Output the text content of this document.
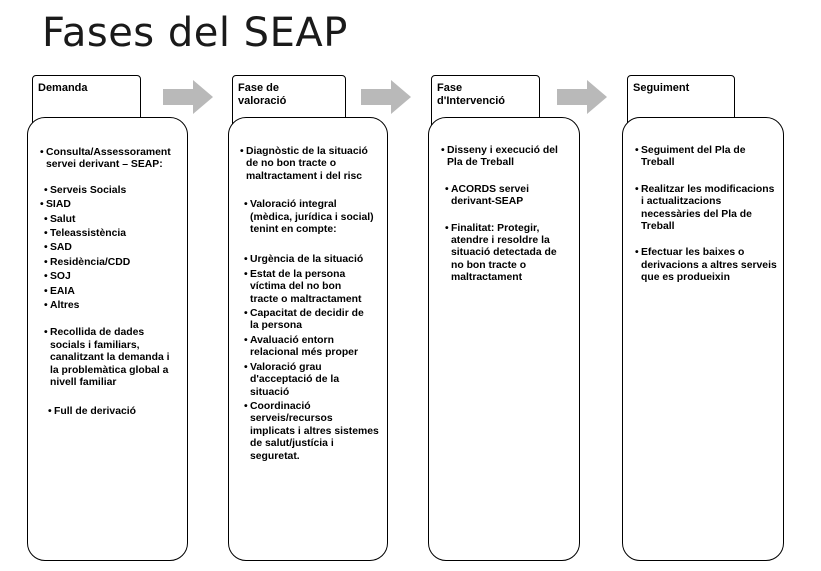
Fases del SEAP
Demanda
• Consulta/Assessorament
servei derivant – SEAP:
• Serveis Socials
• SIAD
• Salut
• Teleassistència
• SAD
• Residència/CDD
• SOJ
• EAIA
• Altres
• Recollida de dades
socials i familiars,
canalitzant la demanda i
la problemàtica global a
nivell familiar
• Full de derivació
Fase de
valoració
• Diagnòstic de la situació
de no bon tracte o
maltractament i del risc
• Valoració integral
(mèdica, jurídica i social)
tenint en compte:
• Urgència de la situació
• Estat de la persona
víctima del no bon
tracte o maltractament
• Capacitat de decidir de
la persona
• Avaluació entorn
relacional més proper
• Valoració grau
d'acceptació de la
situació
• Coordinació
serveis/recursos
implicats i altres sistemes
de salut/justícia i
seguretat.
Fase
d'Intervenció
• Disseny i execució del
Pla de Treball
• ACORDS servei
derivant-SEAP
• Finalitat: Protegir,
atendre i resoldre la
situació detectada de
no bon tracte o
maltractament
Seguiment
• Seguiment del Pla de
Treball
• Realitzar les modificacions
i actualitzacions
necessàries del Pla de
Treball
• Efectuar les baixes o
derivacions a altres serveis
que es produeixin
